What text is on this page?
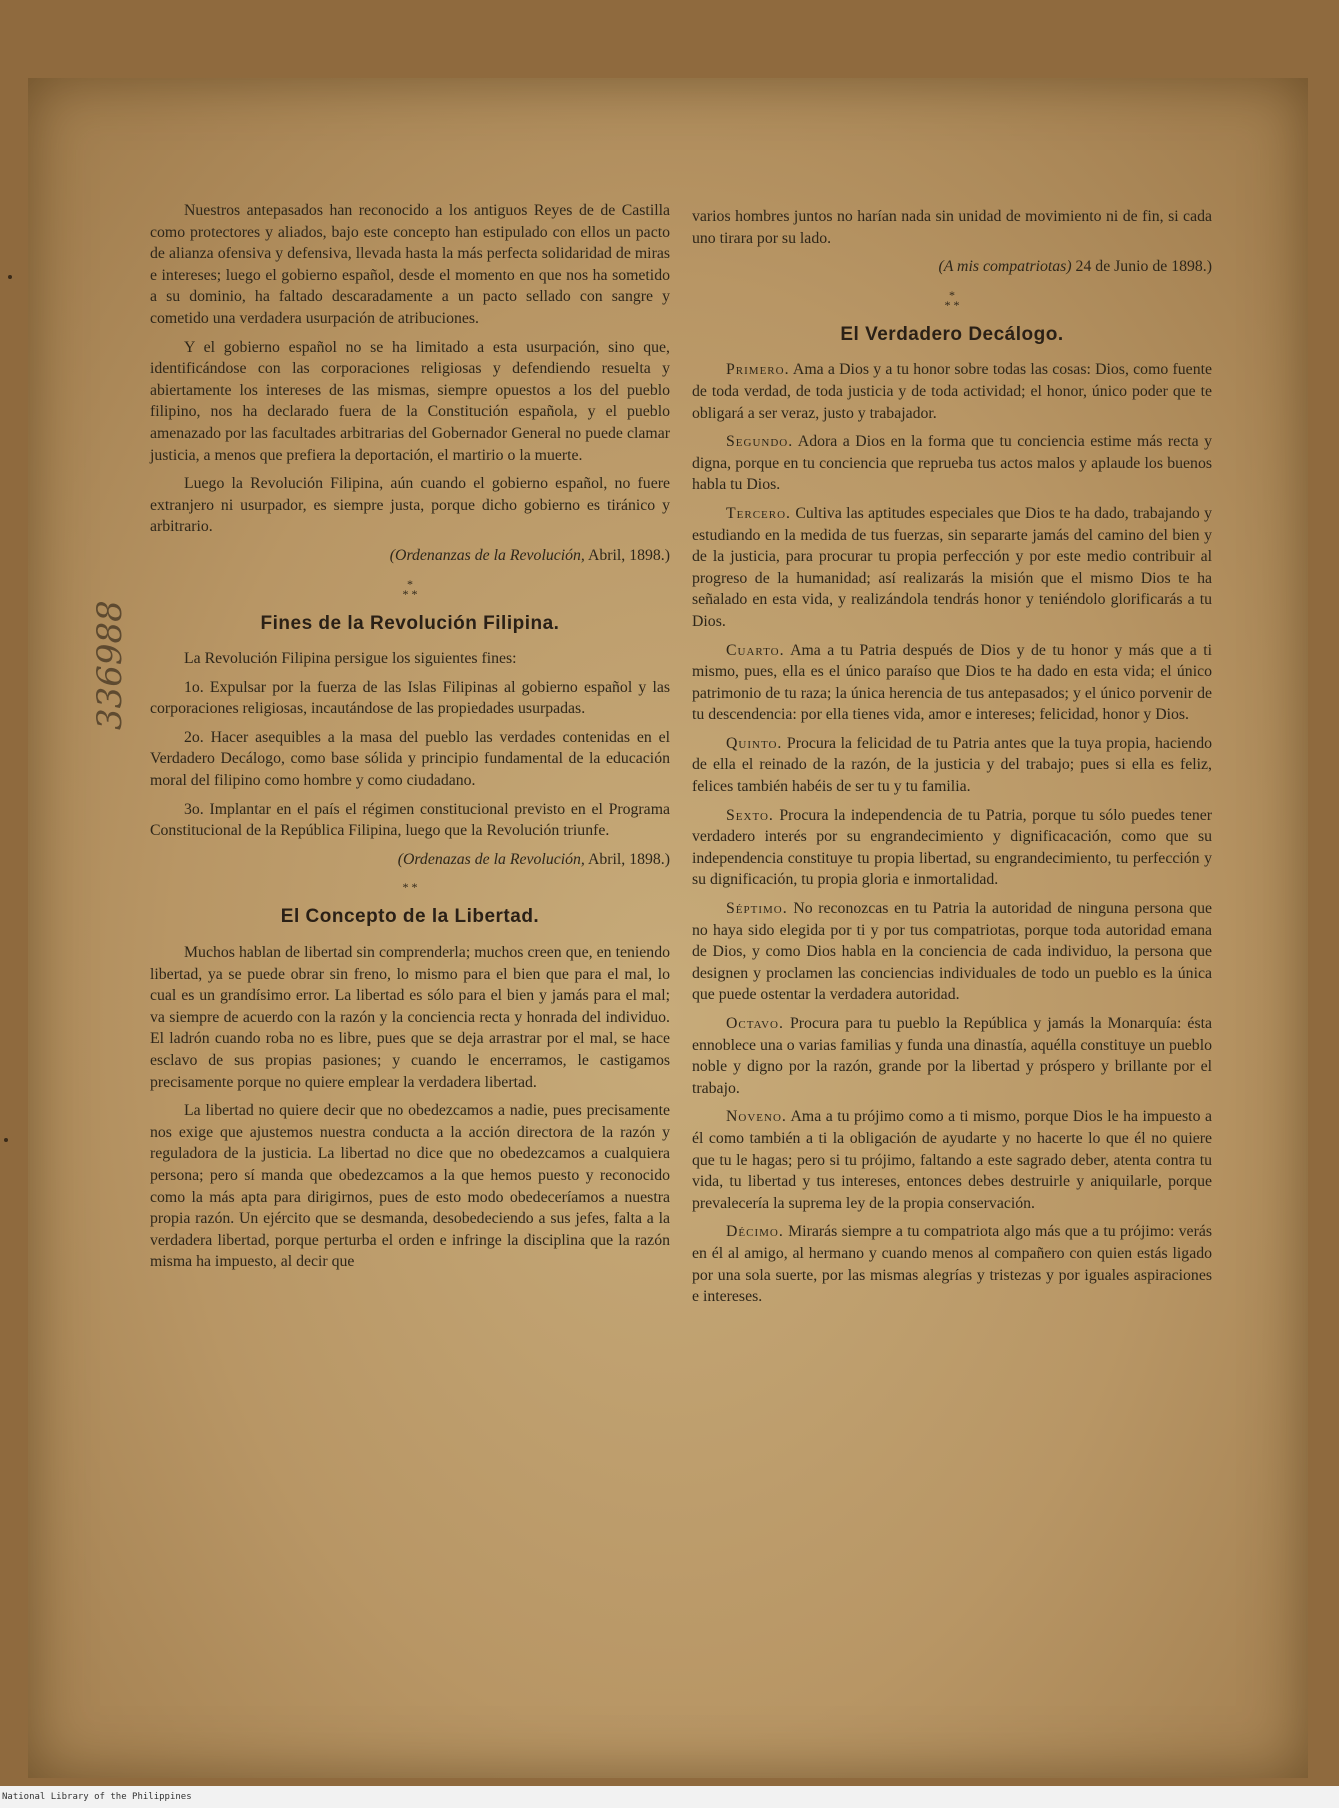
336988

Nuestros antepasados han reconocido a los antiguos Reyes de de Castilla como protectores y aliados, bajo este concepto han estipulado con ellos un pacto de alianza ofensiva y defensiva, llevada hasta la más perfecta solidaridad de miras e intereses; luego el gobierno español, desde el momento en que nos ha sometido a su dominio, ha faltado descaradamente a un pacto sellado con sangre y cometido una verdadera usurpación de atribuciones.

Y el gobierno español no se ha limitado a esta usurpación, sino que, identificándose con las corporaciones religiosas y defendiendo resuelta y abiertamente los intereses de las mismas, siempre opuestos a los del pueblo filipino, nos ha declarado fuera de la Constitución española, y el pueblo amenazado por las facultades arbitrarias del Gobernador General no puede clamar justicia, a menos que prefiera la deportación, el martirio o la muerte.

Luego la Revolución Filipina, aún cuando el gobierno español, no fuere extranjero ni usurpador, es siempre justa, porque dicho gobierno es tiránico y arbitrario.

(Ordenanzas de la Revolución, Abril, 1898.)

*
* *
Fines de la Revolución Filipina.

La Revolución Filipina persigue los siguientes fines:

1o. Expulsar por la fuerza de las Islas Filipinas al gobierno español y las corporaciones religiosas, incautándose de las propiedades usurpadas.

2o. Hacer asequibles a la masa del pueblo las verdades contenidas en el Verdadero Decálogo, como base sólida y principio fundamental de la educación moral del filipino como hombre y como ciudadano.

3o. Implantar en el país el régimen constitucional previsto en el Programa Constitucional de la República Filipina, luego que la Revolución triunfe.

(Ordenazas de la Revolución, Abril, 1898.)

* *
El Concepto de la Libertad.

Muchos hablan de libertad sin comprenderla; muchos creen que, en teniendo libertad, ya se puede obrar sin freno, lo mismo para el bien que para el mal, lo cual es un grandísimo error. La libertad es sólo para el bien y jamás para el mal; va siempre de acuerdo con la razón y la conciencia recta y honrada del individuo. El ladrón cuando roba no es libre, pues que se deja arrastrar por el mal, se hace esclavo de sus propias pasiones; y cuando le encerramos, le castigamos precisamente porque no quiere emplear la verdadera libertad.

La libertad no quiere decir que no obedezcamos a nadie, pues precisamente nos exige que ajustemos nuestra conducta a la acción directora de la razón y reguladora de la justicia. La libertad no dice que no obedezcamos a cualquiera persona; pero sí manda que obedezcamos a la que hemos puesto y reconocido como la más apta para dirigirnos, pues de esto modo obedeceríamos a nuestra propia razón. Un ejército que se desmanda, desobedeciendo a sus jefes, falta a la verdadera libertad, porque perturba el orden e infringe la disciplina que la razón misma ha impuesto, al decir que

varios hombres juntos no harían nada sin unidad de movimiento ni de fin, si cada uno tirara por su lado.

(A mis compatriotas) 24 de Junio de 1898.)

*
* *
El Verdadero Decálogo.

Primero. Ama a Dios y a tu honor sobre todas las cosas: Dios, como fuente de toda verdad, de toda justicia y de toda actividad; el honor, único poder que te obligará a ser veraz, justo y trabajador.

Segundo. Adora a Dios en la forma que tu conciencia estime más recta y digna, porque en tu conciencia que reprueba tus actos malos y aplaude los buenos habla tu Dios.

Tercero. Cultiva las aptitudes especiales que Dios te ha dado, trabajando y estudiando en la medida de tus fuerzas, sin separarte jamás del camino del bien y de la justicia, para procurar tu propia perfección y por este medio contribuir al progreso de la humanidad; así realizarás la misión que el mismo Dios te ha señalado en esta vida, y realizándola tendrás honor y teniéndolo glorificarás a tu Dios.

Cuarto. Ama a tu Patria después de Dios y de tu honor y más que a ti mismo, pues, ella es el único paraíso que Dios te ha dado en esta vida; el único patrimonio de tu raza; la única herencia de tus antepasados; y el único porvenir de tu descendencia: por ella tienes vida, amor e intereses; felicidad, honor y Dios.

Quinto. Procura la felicidad de tu Patria antes que la tuya propia, haciendo de ella el reinado de la razón, de la justicia y del trabajo; pues si ella es feliz, felices también habéis de ser tu y tu familia.

Sexto. Procura la independencia de tu Patria, porque tu sólo puedes tener verdadero interés por su engrandecimiento y dignificacación, como que su independencia constituye tu propia libertad, su engrandecimiento, tu perfección y su dignificación, tu propia gloria e inmortalidad.

Séptimo. No reconozcas en tu Patria la autoridad de ninguna persona que no haya sido elegida por ti y por tus compatriotas, porque toda autoridad emana de Dios, y como Dios habla en la conciencia de cada individuo, la persona que designen y proclamen las conciencias individuales de todo un pueblo es la única que puede ostentar la verdadera autoridad.

Octavo. Procura para tu pueblo la República y jamás la Monarquía: ésta ennoblece una o varias familias y funda una dinastía, aquélla constituye un pueblo noble y digno por la razón, grande por la libertad y próspero y brillante por el trabajo.

Noveno. Ama a tu prójimo como a ti mismo, porque Dios le ha impuesto a él como también a ti la obligación de ayudarte y no hacerte lo que él no quiere que tu le hagas; pero si tu prójimo, faltando a este sagrado deber, atenta contra tu vida, tu libertad y tus intereses, entonces debes destruirle y aniquilarle, porque prevalecería la suprema ley de la propia conservación.

Décimo. Mirarás siempre a tu compatriota algo más que a tu prójimo: verás en él al amigo, al hermano y cuando menos al compañero con quien estás ligado por una sola suerte, por las mismas alegrías y tristezas y por iguales aspiraciones e intereses.

National Library of the Philippines
